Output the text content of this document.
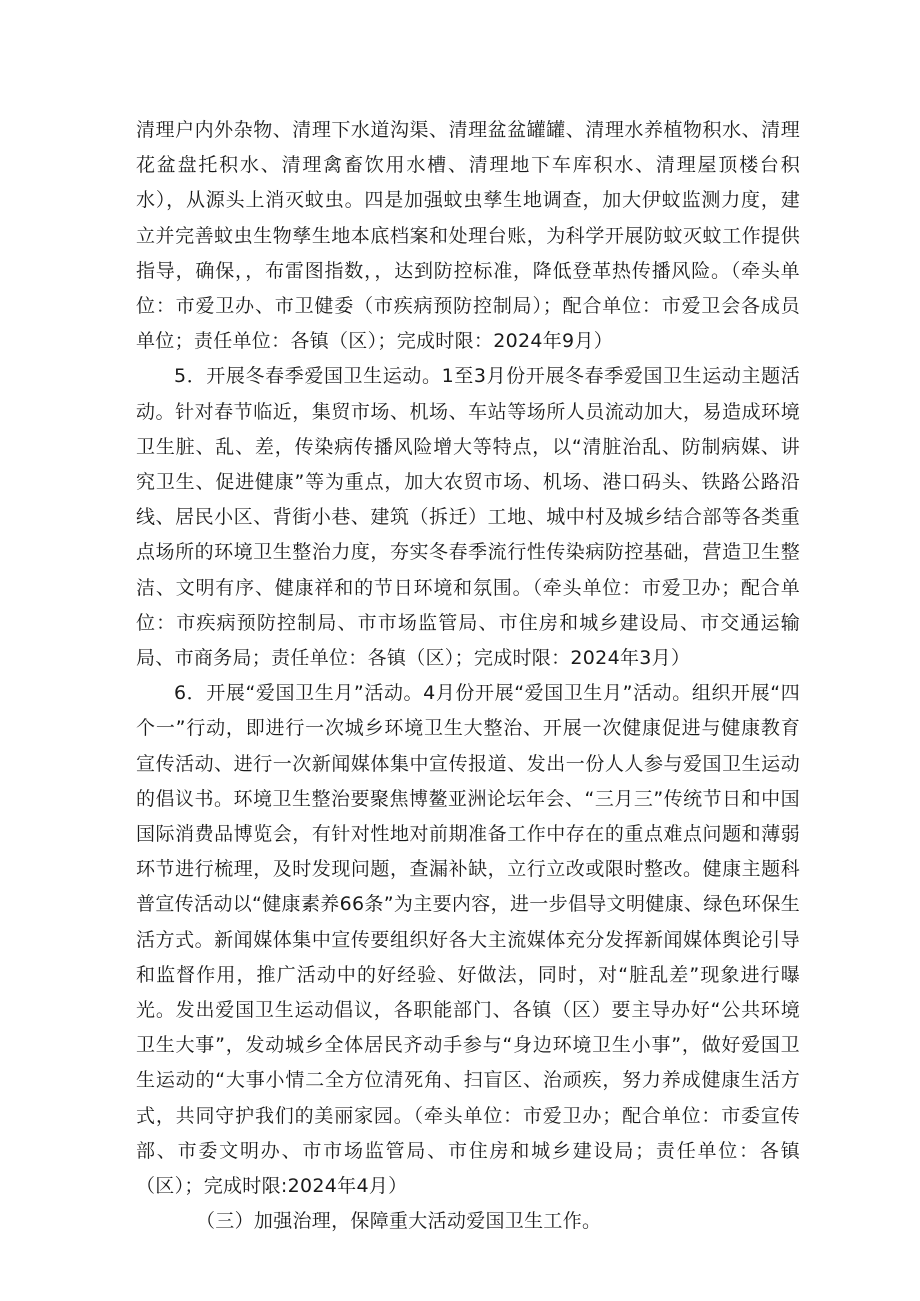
清理户内外杂物、清理下水道沟渠、清理盆盆罐罐、清理水养植物积水、清理花盆盘托积水、清理禽畜饮用水槽、清理地下车库积水、清理屋顶楼台积水），从源头上消灭蚊虫。四是加强蚊虫孳生地调查，加大伊蚊监测力度，建立并完善蚊虫生物孳生地本底档案和处理台账，为科学开展防蚊灭蚊工作提供指导，确保，，布雷图指数，，达到防控标准，降低登革热传播风险。（牵头单位：市爱卫办、市卫健委（市疾病预防控制局）；配合单位：市爱卫会各成员单位；责任单位：各镇（区）；完成时限：2024年9月）

5．开展冬春季爱国卫生运动。1至3月份开展冬春季爱国卫生运动主题活动。针对春节临近，集贸市场、机场、车站等场所人员流动加大，易造成环境卫生脏、乱、差，传染病传播风险增大等特点，以“清脏治乱、防制病媒、讲究卫生、促进健康”等为重点，加大农贸市场、机场、港口码头、铁路公路沿线、居民小区、背街小巷、建筑（拆迁）工地、城中村及城乡结合部等各类重点场所的环境卫生整治力度，夯实冬春季流行性传染病防控基础，营造卫生整洁、文明有序、健康祥和的节日环境和氛围。（牵头单位：市爱卫办；配合单位：市疾病预防控制局、市市场监管局、市住房和城乡建设局、市交通运输局、市商务局；责任单位：各镇（区）；完成时限：2024年3月）

6．开展“爱国卫生月”活动。4月份开展“爱国卫生月”活动。组织开展“四个一”行动，即进行一次城乡环境卫生大整治、开展一次健康促进与健康教育宣传活动、进行一次新闻媒体集中宣传报道、发出一份人人参与爱国卫生运动的倡议书。环境卫生整治要聚焦博鳌亚洲论坛年会、“三月三”传统节日和中国国际消费品博览会，有针对性地对前期准备工作中存在的重点难点问题和薄弱环节进行梳理，及时发现问题，查漏补缺，立行立改或限时整改。健康主题科普宣传活动以“健康素养66条”为主要内容，进一步倡导文明健康、绿色环保生活方式。新闻媒体集中宣传要组织好各大主流媒体充分发挥新闻媒体舆论引导和监督作用，推广活动中的好经验、好做法，同时，对“脏乱差”现象进行曝光。发出爱国卫生运动倡议，各职能部门、各镇（区）要主导办好“公共环境卫生大事”，发动城乡全体居民齐动手参与“身边环境卫生小事”，做好爱国卫生运动的“大事小情二全方位清死角、扫盲区、治顽疾，努力养成健康生活方式，共同守护我们的美丽家园。（牵头单位：市爱卫办；配合单位：市委宣传部、市委文明办、市市场监管局、市住房和城乡建设局；责任单位：各镇（区）；完成时限:2024年4月）

（三）加强治理，保障重大活动爱国卫生工作。
